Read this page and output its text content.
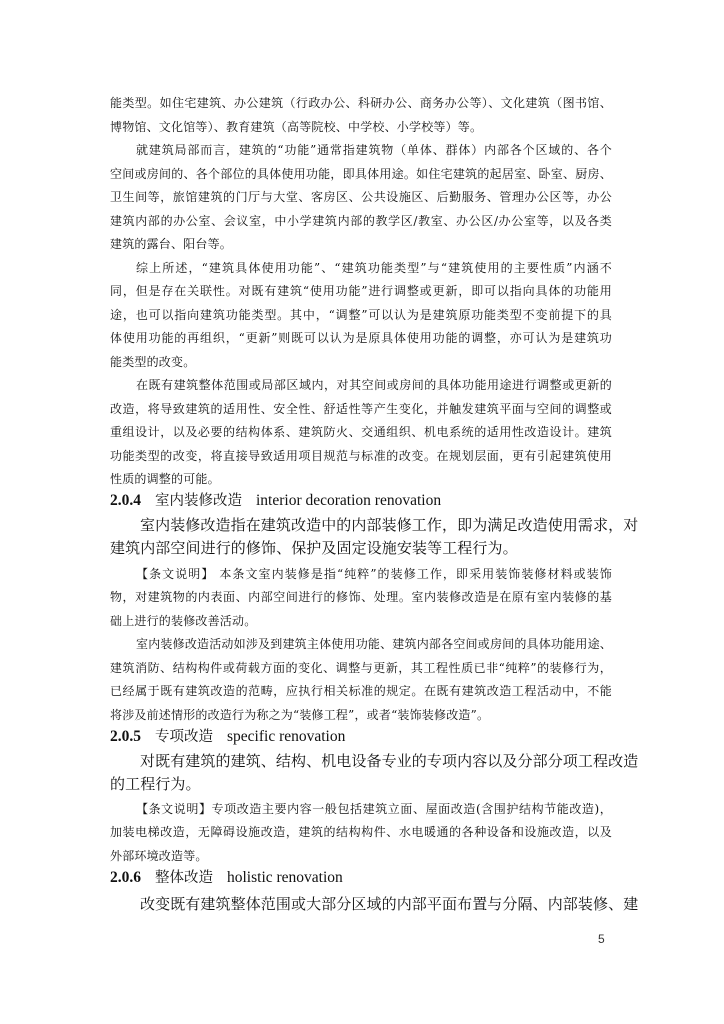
能类型。如住宅建筑、办公建筑（行政办公、科研办公、商务办公等）、文化建筑（图书馆、
博物馆、文化馆等）、教育建筑（高等院校、中学校、小学校等）等。
就建筑局部而言，建筑的“功能”通常指建筑物（单体、群体）内部各个区域的、各个
空间或房间的、各个部位的具体使用功能，即具体用途。如住宅建筑的起居室、卧室、厨房、
卫生间等，旅馆建筑的门厅与大堂、客房区、公共设施区、后勤服务、管理办公区等，办公
建筑内部的办公室、会议室，中小学建筑内部的教学区/教室、办公区/办公室等，以及各类
建筑的露台、阳台等。
综上所述，“建筑具体使用功能”、“建筑功能类型”与“建筑使用的主要性质”内涵不
同，但是存在关联性。对既有建筑“使用功能”进行调整或更新，即可以指向具体的功能用
途，也可以指向建筑功能类型。其中，“调整”可以认为是建筑原功能类型不变前提下的具
体使用功能的再组织，“更新”则既可以认为是原具体使用功能的调整，亦可认为是建筑功
能类型的改变。
在既有建筑整体范围或局部区域内，对其空间或房间的具体功能用途进行调整或更新的
改造，将导致建筑的适用性、安全性、舒适性等产生变化，并触发建筑平面与空间的调整或
重组设计，以及必要的结构体系、建筑防火、交通组织、机电系统的适用性改造设计。建筑
功能类型的改变，将直接导致适用项目规范与标准的改变。在规划层面，更有引起建筑使用
性质的调整的可能。
2.0.4 室内装修改造 interior decoration renovation
室内装修改造指在建筑改造中的内部装修工作，即为满足改造使用需求，对
建筑内部空间进行的修饰、保护及固定设施安装等工程行为。
【条文说明】 本条文室内装修是指“纯粹”的装修工作，即采用装饰装修材料或装饰
物，对建筑物的内表面、内部空间进行的修饰、处理。室内装修改造是在原有室内装修的基
础上进行的装修改善活动。
室内装修改造活动如涉及到建筑主体使用功能、建筑内部各空间或房间的具体功能用途、
建筑消防、结构构件或荷载方面的变化、调整与更新，其工程性质已非“纯粹”的装修行为，
已经属于既有建筑改造的范畴，应执行相关标准的规定。在既有建筑改造工程活动中，不能
将涉及前述情形的改造行为称之为“装修工程”，或者“装饰装修改造”。
2.0.5 专项改造 specific renovation
对既有建筑的建筑、结构、机电设备专业的专项内容以及分部分项工程改造
的工程行为。
【条文说明】专项改造主要内容一般包括建筑立面、屋面改造(含围护结构节能改造)，
加装电梯改造，无障碍设施改造，建筑的结构构件、水电暖通的各种设备和设施改造，以及
外部环境改造等。
2.0.6 整体改造 holistic renovation
改变既有建筑整体范围或大部分区域的内部平面布置与分隔、内部装修、建
5
